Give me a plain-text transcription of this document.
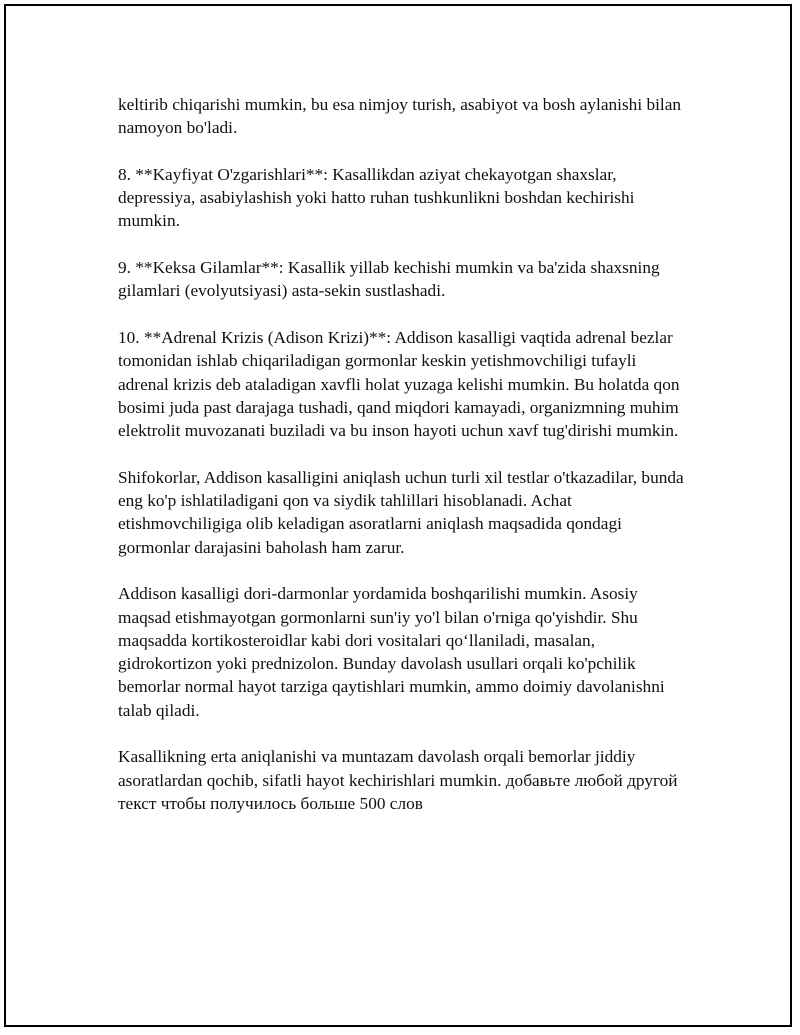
keltirib chiqarishi mumkin, bu esa nimjoy turish, asabiyot va bosh aylanishi bilan namoyon bo'ladi.

8. **Kayfiyat O'zgarishlari**: Kasallikdan aziyat chekayotgan shaxslar, depressiya, asabiylashish yoki hatto ruhan tushkunlikni boshdan kechirishi mumkin.

9. **Keksa Gilamlar**: Kasallik yillab kechishi mumkin va ba'zida shaxsning gilamlari (evolyutsiyasi) asta-sekin sustlashadi.

10. **Adrenal Krizis (Adison Krizi)**: Addison kasalligi vaqtida adrenal bezlar tomonidan ishlab chiqariladigan gormonlar keskin yetishmovchiligi tufayli adrenal krizis deb ataladigan xavfli holat yuzaga kelishi mumkin. Bu holatda qon bosimi juda past darajaga tushadi, qand miqdori kamayadi, organizmning muhim elektrolit muvozanati buziladi va bu inson hayoti uchun xavf tug'dirishi mumkin.

Shifokorlar, Addison kasalligini aniqlash uchun turli xil testlar o'tkazadilar, bunda eng ko'p ishlatiladigani qon va siydik tahlillari hisoblanadi. Achat etishmovchiligiga olib keladigan asoratlarni aniqlash maqsadida qondagi gormonlar darajasini baholash ham zarur.

Addison kasalligi dori-darmonlar yordamida boshqarilishi mumkin. Asosiy maqsad etishmayotgan gormonlarni sun'iy yo'l bilan o'rniga qo'yishdir. Shu maqsadda kortikosteroidlar kabi dori vositalari qo‘llaniladi, masalan, gidrokortizon yoki prednizolon. Bunday davolash usullari orqali ko'pchilik bemorlar normal hayot tarziga qaytishlari mumkin, ammo doimiy davolanishni talab qiladi.

Kasallikning erta aniqlanishi va muntazam davolash orqali bemorlar jiddiy asoratlardan qochib, sifatli hayot kechirishlari mumkin. добавьте любой другой текст чтобы получилось больше 500 слов
